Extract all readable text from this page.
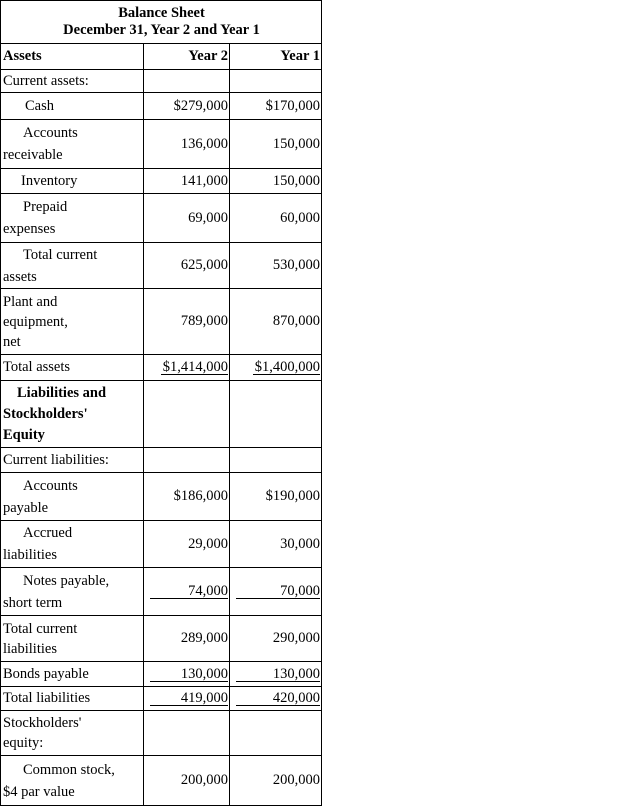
Balance Sheet
December 31, Year 2 and Year 1		

Assets	Year 2	Year 1
Current assets:		
Cash	$279,000	$170,000

Accounts
receivable	136,000	150,000
Inventory	141,000	150,000

Prepaid
expenses	69,000	60,000

Total current
assets	625,000	530,000

Plant and
equipment,
net	789,000	870,000
Total assets	$1,414,000	$1,400,000

Liabilities and
Stockholders'
Equity		

Current liabilities:		

Accounts
payable	$186,000	$190,000

Accrued
liabilities	29,000	30,000

Notes payable,
short term	74,000	70,000

Total current
liabilities	289,000	290,000
Bonds payable	130,000	130,000
Total liabilities	419,000	420,000

Stockholders'
equity:		

Common stock,
$4 par value	200,000	200,000
